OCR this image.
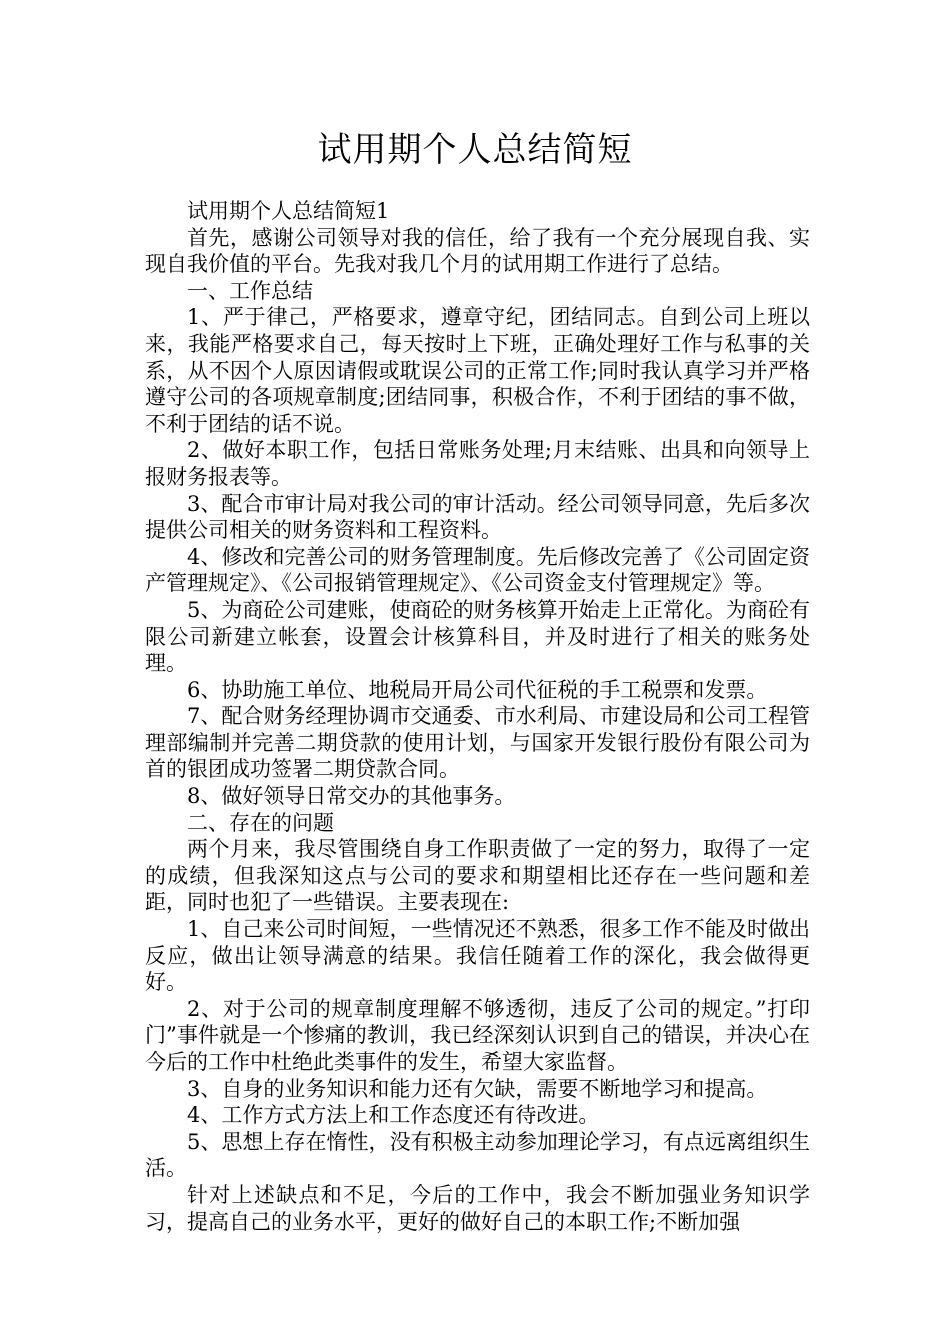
试用期个人总结简短

试用期个人总结简短1

首先，感谢公司领导对我的信任，给了我有一个充分展现自我、实现自我价值的平台。先我对我几个月的试用期工作进行了总结。

一、工作总结

1、严于律己，严格要求，遵章守纪，团结同志。自到公司上班以来，我能严格要求自己，每天按时上下班，正确处理好工作与私事的关系，从不因个人原因请假或耽误公司的正常工作;同时我认真学习并严格遵守公司的各项规章制度;团结同事，积极合作，不利于团结的事不做，不利于团结的话不说。

2、做好本职工作，包括日常账务处理;月末结账、出具和向领导上报财务报表等。

3、配合市审计局对我公司的审计活动。经公司领导同意，先后多次提供公司相关的财务资料和工程资料。

4、修改和完善公司的财务管理制度。先后修改完善了《公司固定资产管理规定》、《公司报销管理规定》、《公司资金支付管理规定》等。

5、为商砼公司建账，使商砼的财务核算开始走上正常化。为商砼有限公司新建立帐套，设置会计核算科目，并及时进行了相关的账务处理。

6、协助施工单位、地税局开局公司代征税的手工税票和发票。

7、配合财务经理协调市交通委、市水利局、市建设局和公司工程管理部编制并完善二期贷款的使用计划，与国家开发银行股份有限公司为首的银团成功签署二期贷款合同。

8、做好领导日常交办的其他事务。

二、存在的问题

两个月来，我尽管围绕自身工作职责做了一定的努力，取得了一定的成绩，但我深知这点与公司的要求和期望相比还存在一些问题和差距，同时也犯了一些错误。主要表现在:

1、自己来公司时间短，一些情况还不熟悉，很多工作不能及时做出反应，做出让领导满意的结果。我信任随着工作的深化，我会做得更好。

2、对于公司的规章制度理解不够透彻，违反了公司的规定。”打印门”事件就是一个惨痛的教训，我已经深刻认识到自己的错误，并决心在今后的工作中杜绝此类事件的发生，希望大家监督。

3、自身的业务知识和能力还有欠缺，需要不断地学习和提高。

4、工作方式方法上和工作态度还有待改进。

5、思想上存在惰性，没有积极主动参加理论学习，有点远离组织生活。

针对上述缺点和不足，今后的工作中，我会不断加强业务知识学习，提高自己的业务水平，更好的做好自己的本职工作;不断加强
